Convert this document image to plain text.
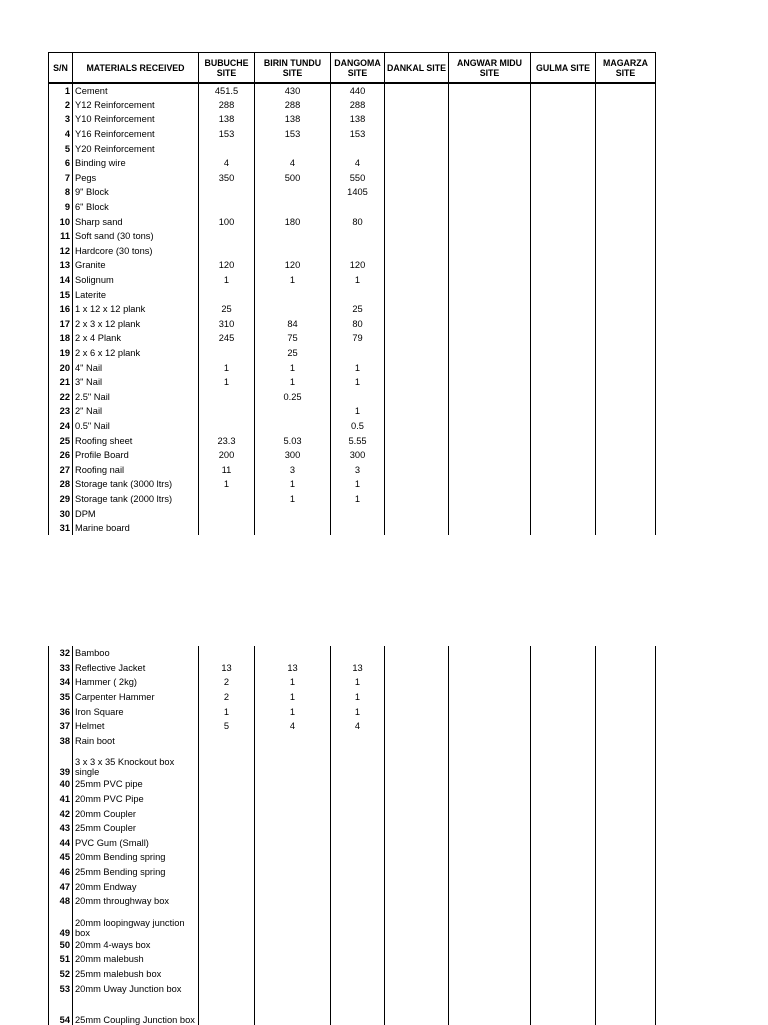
S/N	MATERIALS RECEIVED	BUBUCHE SITE	BIRIN TUNDU SITE	DANGOMA SITE	DANKAL SITE	ANGWAR MIDU SITE	GULMA SITE	MAGARZA SITE
1	Cement	451.5	430	440				
2	Y12 Reinforcement	288	288	288				
3	Y10 Reinforcement	138	138	138				
4	Y16 Reinforcement	153	153	153				
5	Y20 Reinforcement							
6	Binding wire	4	4	4				
7	Pegs	350	500	550				
8	9" Block			1405				
9	6" Block							
10	Sharp sand	100	180	80				
11	Soft sand (30 tons)							
12	Hardcore (30 tons)							
13	Granite	120	120	120				
14	Solignum	1	1	1				
15	Laterite							
16	1 x 12 x 12 plank	25		25				
17	2 x 3 x 12 plank	310	84	80				
18	2 x 4 Plank	245	75	79				
19	2 x 6 x 12 plank		25					
20	4" Nail	1	1	1				
21	3" Nail	1	1	1				
22	2.5" Nail		0.25					
23	2" Nail			1				
24	0.5" Nail			0.5				
25	Roofing sheet	23.3	5.03	5.55				
26	Profile Board	200	300	300				
27	Roofing nail	11	3	3				
28	Storage tank (3000 ltrs)	1	1	1				
29	Storage tank (2000 ltrs)		1	1				
30	DPM							
31	Marine board							
32	Bamboo							
33	Reflective Jacket	13	13	13				
34	Hammer ( 2kg)	2	1	1				
35	Carpenter Hammer	2	1	1				
36	Iron Square	1	1	1				
37	Helmet	5	4	4				
38	Rain boot							
39	3 x 3 x 35 Knockout box single							
40	25mm PVC pipe							
41	20mm PVC Pipe							
42	20mm Coupler							
43	25mm Coupler							
44	PVC Gum (Small)							
45	20mm Bending spring							
46	25mm Bending spring							
47	20mm Endway							
48	20mm throughway box							
49	20mm loopingway junction box							
50	20mm 4-ways box							
51	20mm malebush							
52	25mm malebush box							
53	20mm Uway Junction box							
54	25mm Coupling Junction box							
